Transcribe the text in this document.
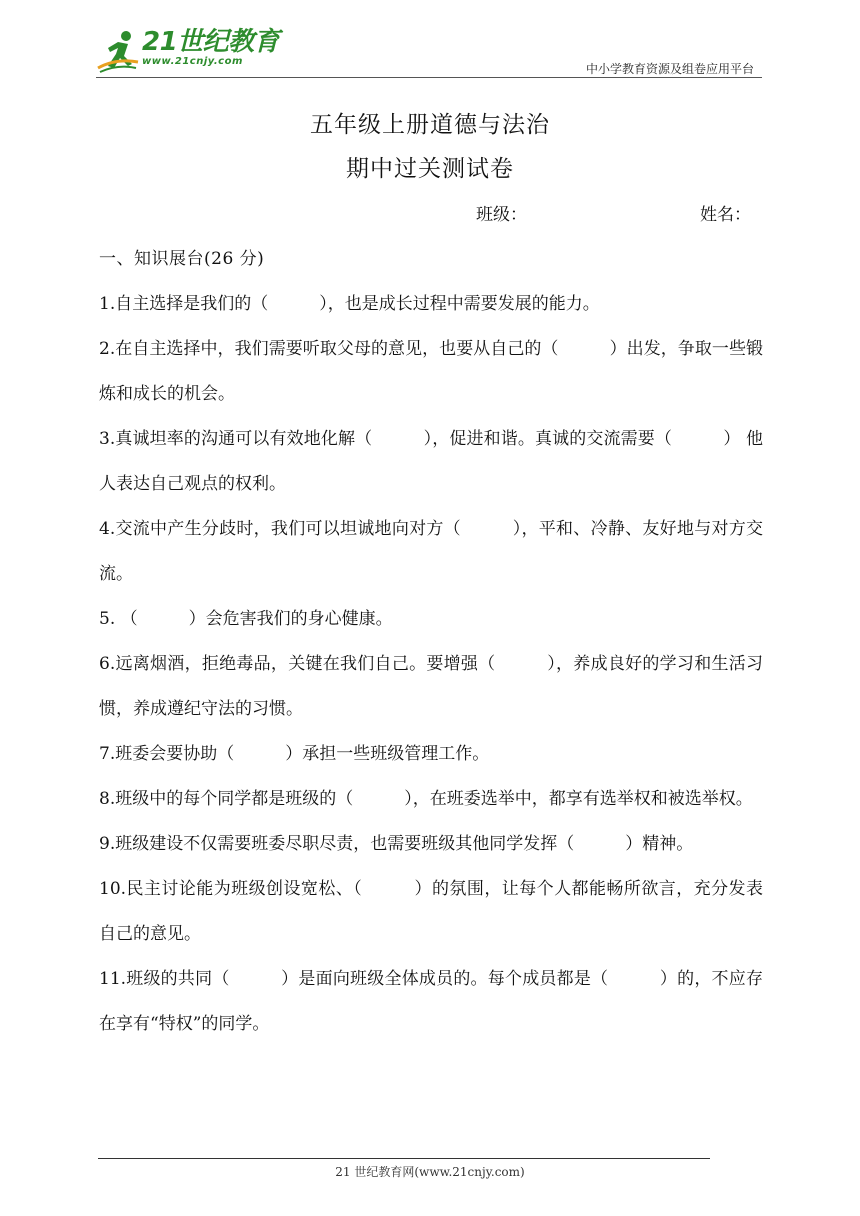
21世纪教育
www.21cnjy.com
中小学教育资源及组卷应用平台
五年级上册道德与法治
期中过关测试卷
班级：	姓名：

一、知识展台(26 分)

1.自主选择是我们的（　　　），也是成长过程中需要发展的能力。

2.在自主选择中，我们需要听取父母的意见，也要从自己的（　　　）出发，争取一些锻炼和成长的机会。

3.真诚坦率的沟通可以有效地化解（　　　），促进和谐。真诚的交流需要（　　　） 他人表达自己观点的权利。

4.交流中产生分歧时，我们可以坦诚地向对方（　　　），平和、冷静、友好地与对方交流。

5. （　　　）会危害我们的身心健康。

6.远离烟酒，拒绝毒品，关键在我们自己。要增强（　　　），养成良好的学习和生活习惯，养成遵纪守法的习惯。

7.班委会要协助（　　　）承担一些班级管理工作。

8.班级中的每个同学都是班级的（　　　），在班委选举中，都享有选举权和被选举权。

9.班级建设不仅需要班委尽职尽责，也需要班级其他同学发挥（　　　）精神。

10.民主讨论能为班级创设宽松、（　　　）的氛围，让每个人都能畅所欲言，充分发表自己的意见。

11.班级的共同（　　　）是面向班级全体成员的。每个成员都是（　　　）的，不应存在享有“特权”的同学。

21 世纪教育网(www.21cnjy.com)
